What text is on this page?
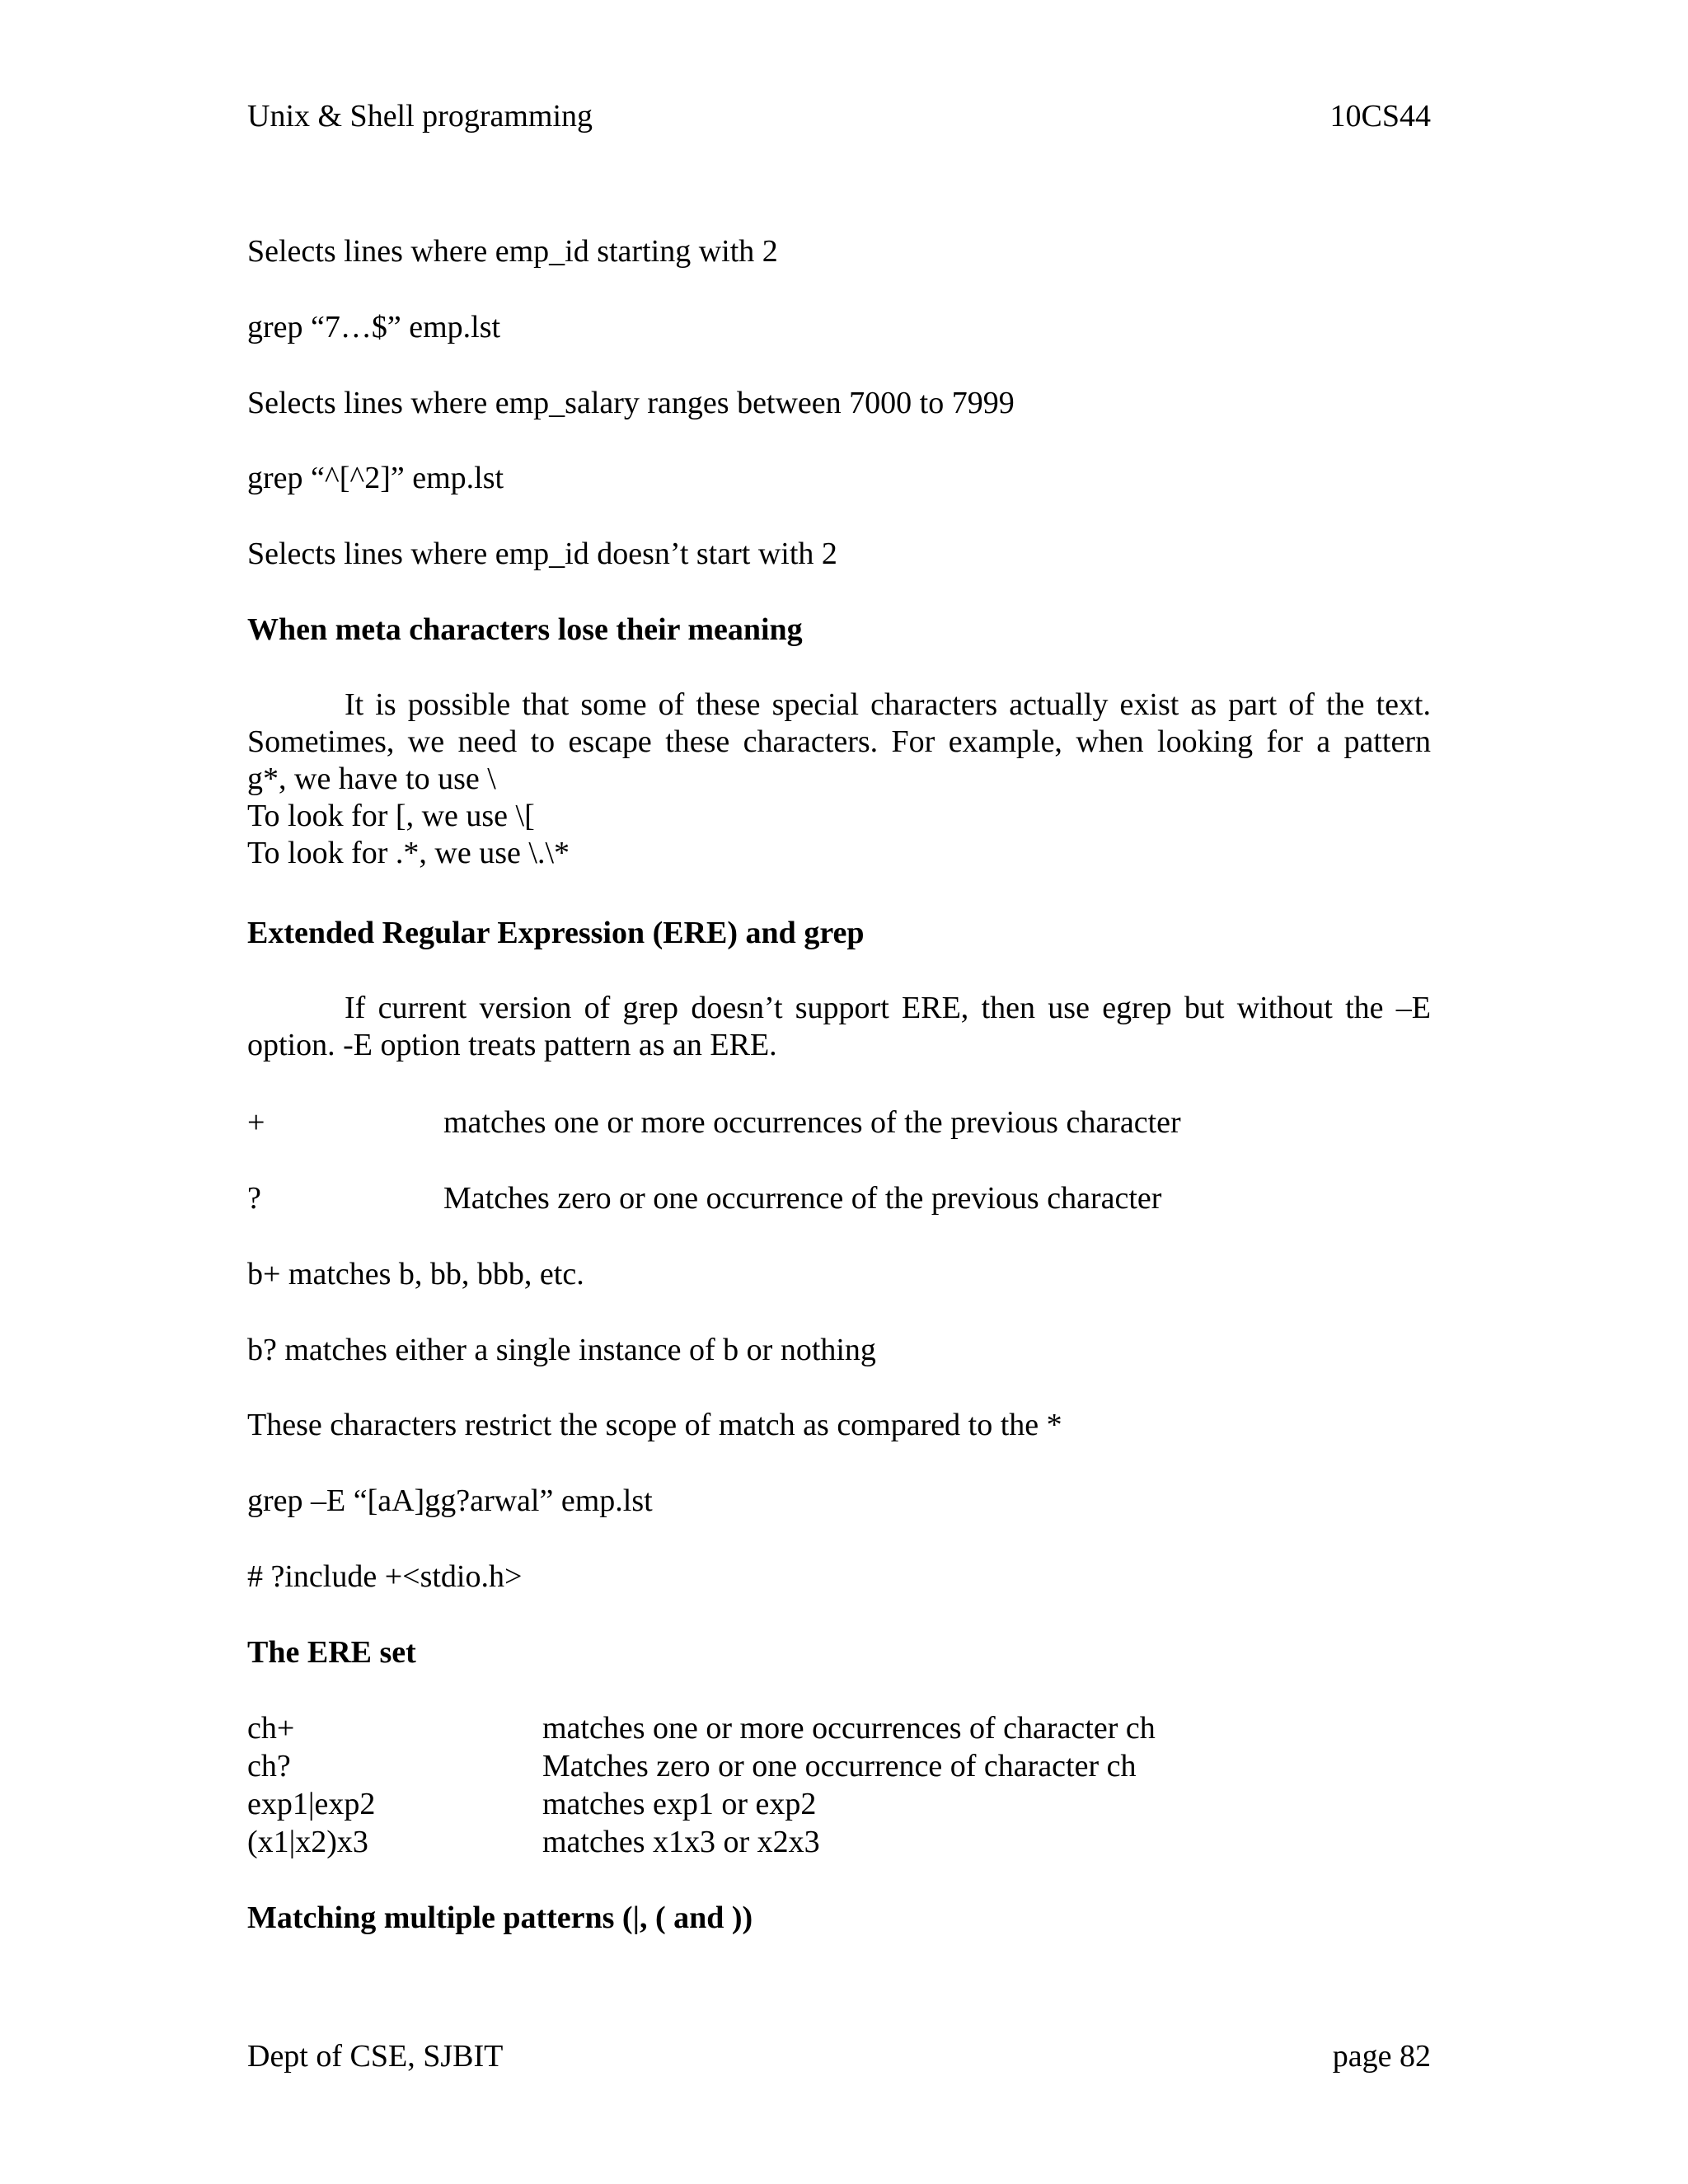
Unix & Shell programming	10CS44
Selects lines where emp_id starting with 2
grep “7…$” emp.lst
Selects lines where emp_salary ranges between 7000 to 7999
grep “^[^2]” emp.lst
Selects lines where emp_id doesn’t start with 2
When meta characters lose their meaning
It is possible that some of these special characters actually exist as part of the text.
Sometimes, we need to escape these characters. For example, when looking for a pattern
g*, we have to use \
To look for [, we use \[
To look for .*, we use \.\*
Extended Regular Expression (ERE) and grep
If current version of grep doesn’t support ERE, then use egrep but without the –E
option. -E option treats pattern as an ERE.
+	matches one or more occurrences of the previous character
?	Matches zero or one occurrence of the previous character
b+ matches b, bb, bbb, etc.
b? matches either a single instance of b or nothing
These characters restrict the scope of match as compared to the *
grep –E “[aA]gg?arwal” emp.lst
# ?include +<stdio.h>
The ERE set
ch+	matches one or more occurrences of character ch
ch?	Matches zero or one occurrence of character ch
exp1|exp2	matches exp1 or exp2
(x1|x2)x3	matches x1x3 or x2x3
Matching multiple patterns (|, ( and ))
Dept of CSE, SJBIT	page 82
